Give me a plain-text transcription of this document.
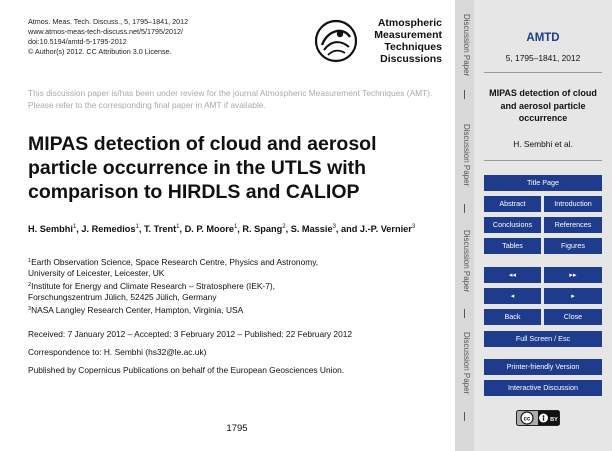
Atmos. Meas. Tech. Discuss., 5, 1795–1841, 2012
www.atmos-meas-tech-discuss.net/5/1795/2012/
doi:10.5194/amtd-5-1795-2012
© Author(s) 2012. CC Attribution 3.0 License.
Atmospheric
Measurement
Techniques
Discussions
This discussion paper is/has been under review for the journal Atmospheric Measurement Techniques (AMT). Please refer to the corresponding final paper in AMT if available.
MIPAS detection of cloud and aerosol particle occurrence in the UTLS with comparison to HIRDLS and CALIOP
H. Sembhi$^1$, J. Remedios$^1$, T. Trent$^1$, D. P. Moore$^1$, R. Spang$^2$, S. Massie$^3$, and J.-P. Vernier$^3$
$^1$Earth Observation Science, Space Research Centre, Physics and Astronomy,
University of Leicester, Leicester, UK
$^2$Institute for Energy and Climate Research – Stratosphere (IEK-7),
Forschungszentrum Jülich, 52425 Jülich, Germany
$^3$NASA Langley Research Center, Hampton, Virginia, USA
Received: 7 January 2012 – Accepted: 3 February 2012 – Published: 22 February 2012
Correspondence to: H. Sembhi (hs32@le.ac.uk)
Published by Copernicus Publications on behalf of the European Geosciences Union.
1795
Discussion Paper
Discussion Paper
Discussion Paper
Discussion Paper
AMTD
5, 1795–1841, 2012
MIPAS detection of cloud and aerosol particle occurrence
H. Sembhi et al.
Title Page
Abstract	Introduction
Conclusions	References
Tables	Figures
◂◂	▸▸
◂	▸
Back	Close
Full Screen / Esc
Printer-friendly Version
Interactive Discussion
cc	BY
